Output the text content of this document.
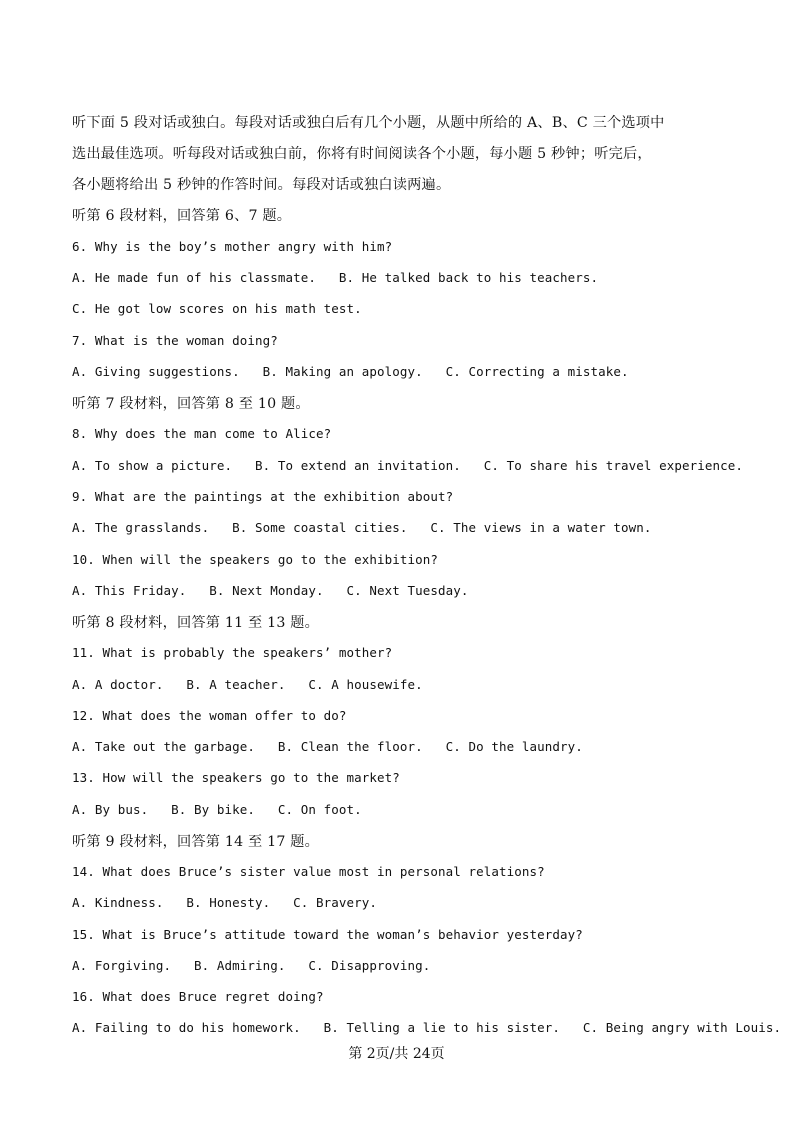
听下面 5 段对话或独白。每段对话或独白后有几个小题，从题中所给的 A、B、C 三个选项中
选出最佳选项。听每段对话或独白前，你将有时间阅读各个小题，每小题 5 秒钟；听完后，
各小题将给出 5 秒钟的作答时间。每段对话或独白读两遍。
听第 6 段材料，回答第 6、7 题。
6. Why is the boy’s mother angry with him?
A. He made fun of his classmate.   B. He talked back to his teachers.
C. He got low scores on his math test.
7. What is the woman doing?
A. Giving suggestions.   B. Making an apology.   C. Correcting a mistake.
听第 7 段材料，回答第 8 至 10 题。
8. Why does the man come to Alice?
A. To show a picture.   B. To extend an invitation.   C. To share his travel experience.
9. What are the paintings at the exhibition about?
A. The grasslands.   B. Some coastal cities.   C. The views in a water town.
10. When will the speakers go to the exhibition?
A. This Friday.   B. Next Monday.   C. Next Tuesday.
听第 8 段材料，回答第 11 至 13 题。
11. What is probably the speakers’ mother?
A. A doctor.   B. A teacher.   C. A housewife.
12. What does the woman offer to do?
A. Take out the garbage.   B. Clean the floor.   C. Do the laundry.
13. How will the speakers go to the market?
A. By bus.   B. By bike.   C. On foot.
听第 9 段材料，回答第 14 至 17 题。
14. What does Bruce’s sister value most in personal relations?
A. Kindness.   B. Honesty.   C. Bravery.
15. What is Bruce’s attitude toward the woman’s behavior yesterday?
A. Forgiving.   B. Admiring.   C. Disapproving.
16. What does Bruce regret doing?
A. Failing to do his homework.   B. Telling a lie to his sister.   C. Being angry with Louis.
第 2页/共 24页
